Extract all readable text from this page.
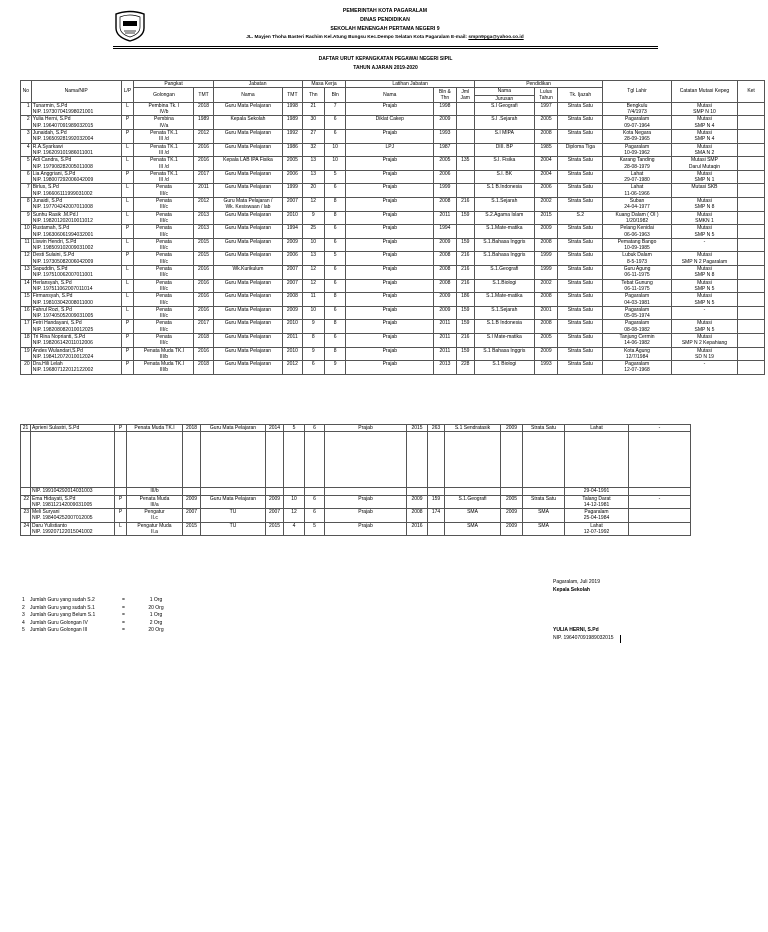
PEMERINTAH KOTA PAGARALAM
DINAS PENDIDIKAN
SEKOLAH MENENGAH PERTAMA NEGERI 9
JL. Mayjen Thoha Basteri Rachim Kel.Atung Bungsu Kec.Dempo Selatan Kota Pagaralam E-mail: smpn9pga@yahoo.co.id
DAFTAR URUT KEPANGKATAN PEGAWAI NEGERI SIPIL
TAHUN AJARAN 2019-2020
No	Nama/NIP	L/P	Pangkat		Jabatan		Masa Kerja		Latihan Jabatan			Pendidikan			Tgl Lahir	Catatan Mutasi Kepeg	Ket
			Golongan	TMT	Nama	TMT	Thn	Bln	Nama	Bln & Thn	Jml Jam	Nama	Lulus Tahun	Tk. Ijazah			
												Jurusan					
1	Tunarmin, S.Pd	L	Pembina Tk. I	2018	Guru Mata Pelajaran	1998	21	7	Prajab	1998		S.I Geografi	1997	Strata Satu	Bengkulu	Mutasi	
	NIP. 197307041998021001		IV/b												7/4/1973	SMP N 10	
2	Yulia Herni, S.Pd	P	Pembina	1989	Kepala Sekolah	1989	30	6	Diklat Cakep	2009		S.I .Sejarah	2005	Strata Satu	Pagaralam	Mutasi	
	NIP. 196407091989032015		IV/a												09-07-1964	SMP N 4	
3	Junaidah, S.Pd	P	Penata TK.1	2012	Guru Mata Pelajaran	1992	27	6	Prajab	1993		S.I MIPA	2008	Strata Satu	Kota Negara	Mutasi	
	NIP. 196509281992032004		III /d												28-09-1965	SMP N 4	
4	R.A.Syarkawi	L	Penata TK.1	2016	Guru Mata Pelajaran	1986	32	10	LPJ	1987		DIII. BP	1985	Diploma Tiga	Pagaralam	Mutasi	
	NIP. 196209101986011001		III /d												10-09-1962	SMA N 2	
5	Adi Candra, S.Pd	L	Penata TK.1	2016	Kepala LAB IPA Fisika	2005	13	10	Prajab	2005	135	S.I. Fisika	2004	Strata Satu	Karang Tanding	Mutasi SMP	
	NIP. 197908282005011008		III /d												28-08-1979	Darul Mutaqin	
6	Lia Anggriani, S.Pd	P	Penata TK.1	2017	Guru Mata Pelajaran	2006	13	5	Prajab	2006		S.I. BK	2004	Strata Satu	Lahat	Mutasi	
	NIP. 198007292006042009		III /d												29-07-1980	SMP N 1	
7	Birlus, S.Pd	L	Penata	2011	Guru Mata Pelajaran	1999	20	6	Prajab	1999		S.1 B.Indonesia	2006	Strata Satu	Lahat	Mutasi SKB	
	NIP. 196606111999031002		III/c												11-06-1966		
8	Junaidi, S.Pd	L	Penata	2012	Guru Mata Pelajaran /	2007	12	8	Prajab	2008	216	S.1.Sejarah	2002	Strata Satu	Suban	Mutasi	
	NIP. 197704242007011008		III/c		Wk. Kesiswaan / lab										24-04-1977	SMP N 8	
9	Sunhu Rasik .M.Pd.I	L	Penata	2013	Guru Mata Pelajaran	2010	9	8	Prajab	2011	159	S.2.Agama Islam	2015	S.2	Kuang Dalam ( OI )	Mutasi	
	NIP. 198201202010011012		III/c												1/20/1982	SMKN 1	
10	Rustamah, S.Pd	P	Penata	2013	Guru Mata Pelajaran	1994	25	6	Prajab	1994		S.1.Mate-matika	2009	Strata Satu	Pelang Kenidai	Mutasi	
	NIP. 196306061994032001		III/c												06-06-1963	SMP N 5	
11	Liswin Hendri, S.Pd	L	Penata	2015	Guru Mata Pelajaran	2009	10	6	Prajab	2009	159	S.1.Bahasa Inggris	2008	Strata Satu	Pematang Bango	-	
	NIP. 198509102009031002		III/c												10-09-1985		
12	Desti Sulaini, S.Pd	P	Penata	2015	Guru Mata Pelajaran	2006	13	5	Prajab	2008	216	S.1.Bahasa Inggris	1999	Strata Satu	Lubuk Dalam	Mutasi	
	NIP. 197305082006042009		III/c												8-5-1973	SMP N 2 Pagaralam	
13	Sapuddin, S.Pd	L	Penata	2016	Wk.Kurikulum	2007	12	6	Prajab	2008	216	S.1.Geografi	1999	Strata Satu	Guru Agung	Mutasi	
	NIP. 197510062007011001		III/c												06-11-1975	SMP N 8	
14	Herlansyah, S.Pd	L	Penata	2016	Guru Mata Pelajaran	2007	12	6	Prajab	2008	216	S.1.Biologi	2002	Strata Satu	Tebat Gunung	Mutasi	
	NIP. 197511062007011014		III/c												06-11-1975	SMP N 5	
15	Firmansyah, S.Pd	L	Penata	2016	Guru Mata Pelajaran	2008	11	8	Prajab	2009	186	S.1.Mate-matika	2008	Strata Satu	Pagaralam	Mutasi	
	NIP. 198103042008011000		III/c												04-03-1981	SMP N 5	
16	Fahrul Rozi, S.Pd	L	Penata	2016	Guru Mata Pelajaran	2009	10	6	Prajab	2009	159	S.1.Sejarah	2001	Strata Satu	Pagaralam	-	
	NIP. 197405052009031005		III/c												05-05-1974		
17	Fetri Handayani, S.Pd	P	Penata	2017	Guru Mata Pelajaran	2010	9	8	Prajab	2011	159	S.1.B Indonesia	2008	Strata Satu	Pagaralam	Mutasi	
	NIP. 198208082010012025		III/c												08-08-1982	SMP N 5	
18	Tri Rina Noprianti, S.Pd	P	Penata	2018	Guru Mata Pelajaran	2011	8	6	Prajab	2011	216	S.I Mate-matika	2005	Strata Satu	Tanjung Cermin	Mutasi	
	NIP. 198206142011012006		III/c												14-06-1982	SMP N 2 Kepahiang	
19	Andes Wulandari,S.Pd	P	Penata Muda TK.I	2016	Guru Mata Pelajaran	2010	9	8	Prajab	2011	159	S.1 Bahasa Inggris	2009	Strata Satu	Kota Agung	Mutasi	
	NIP. 198412072010012024		III/b												12/7/1984	SD N 19	
20	Dra.Hili Lelah	P	Penata Muda TK.I	2018	Guru Mata Pelajaran	2012	6	9	Prajab	2013	228	S.1 Biologi	1993	Strata Satu	Pagaralam	-	
	NIP. 196807122012122002		III/b												12-07-1968		
21	Aprieni Sulastri, S.Pd	P	Penata Muda TK.I	2018	Guru Mata Pelajaran	2014	5	6	Prajab	2015	263	S.1 Sendratasik	2009	Strata Satu	Lahat	-

	NIP. 199104292014031003		III/b												29-04-1991	
22	Ema Hidayati, S.Pd	P	Penata Muda	2009	Guru Mata Pelajaran	2009	10	6	Prajab	2009	159	S.1.Geografi	2005	Strata Satu	Talang Darat	-
	NIP. 198112142009031005		III/a												14-12-1981	
23	Meli Suryani	P	Pengatur	2007	TU	2007	12	6	Prajab	2008	174	SMA	2009	SMA	Pagaralam	
	NIP. 198404252007012005		II.c												25-04-1984	
24	Daru Yulistianto	L	Pengatur Muda	2015	TU	2015	4	5	Prajab	2016		SMA	2009	SMA	Lahat	
	NIP. 199207122015041002		II.a												12-07-1992	
1	Jumlah Guru yang sudah S.2	=	1 Org
2	Jumlah Guru yang sudah S.1	=	20 Org
3	Jumlah Guru yang Belum S.1	=	1 Org
4	Jumlah Guru Golongan IV	=	2 Org
5	Jumlah Guru Golongan III	=	20 Org
Pagaralam, Juli 2019
Kepala Sekolah
YULIA HERNI, S.Pd
NIP. 196407091989032015
